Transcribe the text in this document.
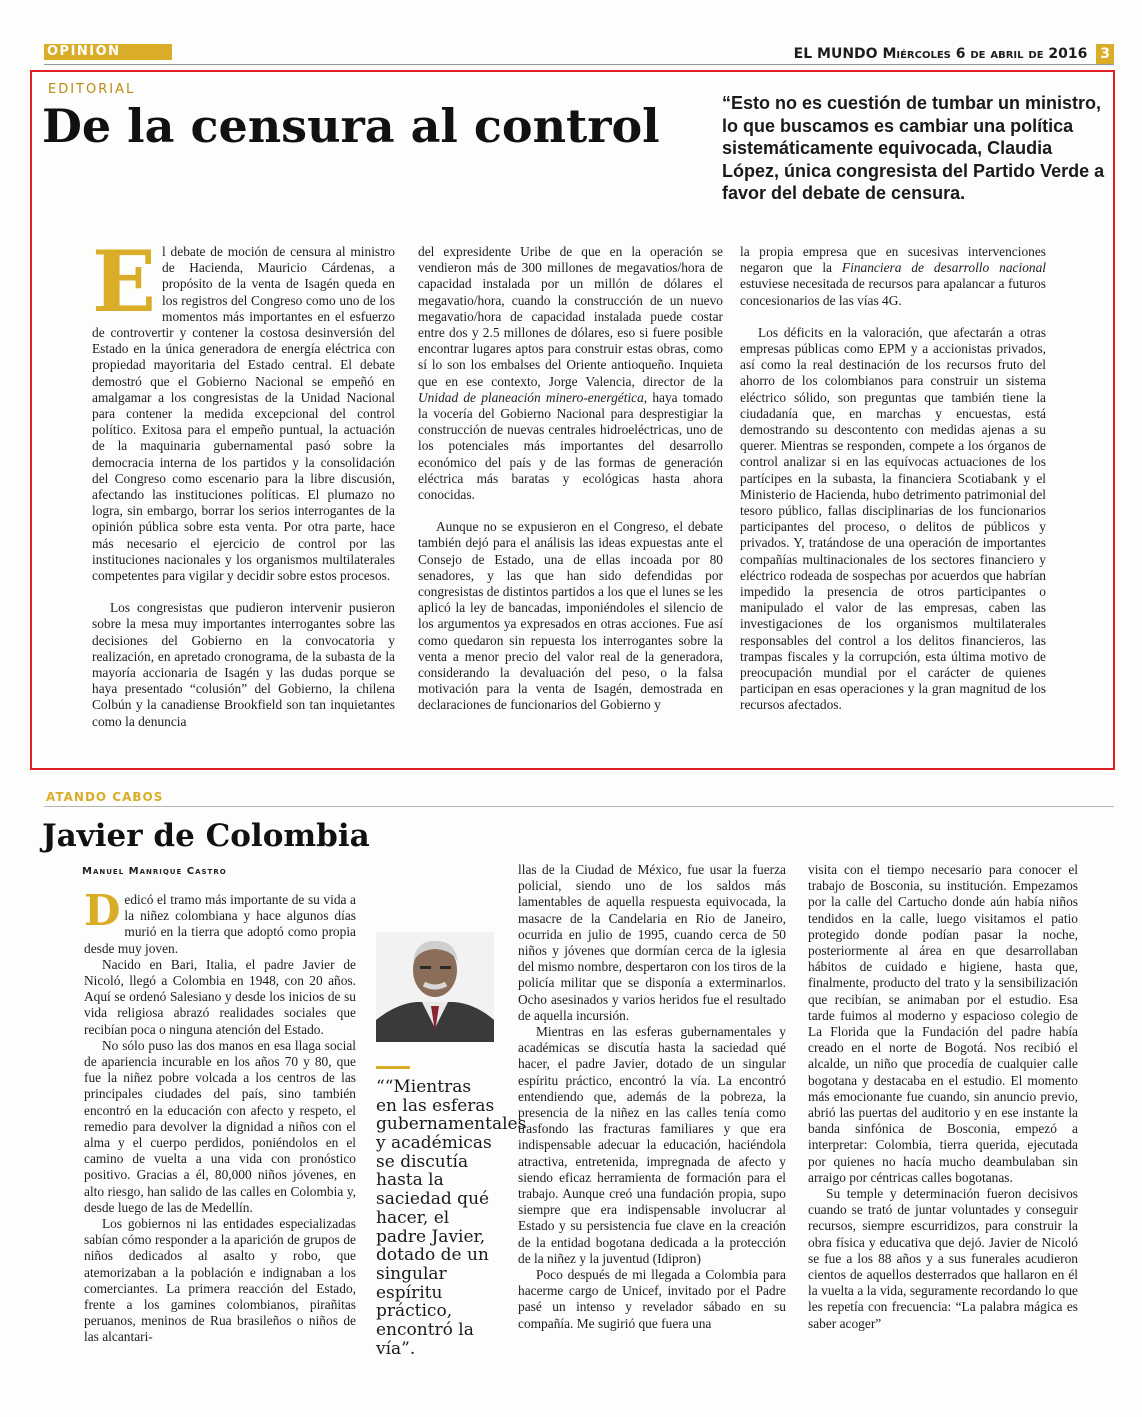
OPINIÓN	EL MUNDO Miércoles 6 de abril de 2016 3
EDITORIAL
De la censura al control	“Esto no es cuestión de tumbar un ministro, lo que buscamos es cambiar una política sistemáticamente equivocada, Claudia López, única congresista del Partido Verde a favor del debate de censura.

El debate de moción de censura al ministro de Hacienda, Mauricio Cárdenas, a propósito de la venta de Isagén queda en los registros del Congreso como uno de los momentos más importantes en el esfuerzo de controvertir y contener la costosa desinversión del Estado en la única generadora de energía eléctrica con propiedad mayoritaria del Estado central. El debate demostró que el Gobierno Nacional se empeñó en amalgamar a los congresistas de la Unidad Nacional para contener la medida excepcional del control político. Exitosa para el empeño puntual, la actuación de la maquinaria gubernamental pasó sobre la democracia interna de los partidos y la consolidación del Congreso como escenario para la libre discusión, afectando las instituciones políticas. El plumazo no logra, sin embargo, borrar los serios interrogantes de la opinión pública sobre esta venta. Por otra parte, hace más necesario el ejercicio de control por las instituciones nacionales y los organismos multilaterales competentes para vigilar y decidir sobre estos procesos.

Los congresistas que pudieron intervenir pusieron sobre la mesa muy importantes interrogantes sobre las decisiones del Gobierno en la convocatoria y realización, en apretado cronograma, de la subasta de la mayoría accionaria de Isagén y las dudas porque se haya presentado “colusión” del Gobierno, la chilena Colbún y la canadiense Brookfield son tan inquietantes como la denuncia

del expresidente Uribe de que en la operación se vendieron más de 300 millones de megavatios/hora de capacidad instalada por un millón de dólares el megavatio/hora, cuando la construcción de un nuevo megavatio/hora de capacidad instalada puede costar entre dos y 2.5 millones de dólares, eso si fuere posible encontrar lugares aptos para construir estas obras, como sí lo son los embalses del Oriente antioqueño. Inquieta que en ese contexto, Jorge Valencia, director de la Unidad de planeación minero-energética, haya tomado la vocería del Gobierno Nacional para desprestigiar la construcción de nuevas centrales hidroeléctricas, uno de los potenciales más importantes del desarrollo económico del país y de las formas de generación eléctrica más baratas y ecológicas hasta ahora conocidas.

Aunque no se expusieron en el Congreso, el debate también dejó para el análisis las ideas expuestas ante el Consejo de Estado, una de ellas incoada por 80 senadores, y las que han sido defendidas por congresistas de distintos partidos a los que el lunes se les aplicó la ley de bancadas, imponiéndoles el silencio de los argumentos ya expresados en otras acciones. Fue así como quedaron sin repuesta los interrogantes sobre la venta a menor precio del valor real de la generadora, considerando la devaluación del peso, o la falsa motivación para la venta de Isagén, demostrada en declaraciones de funcionarios del Gobierno y

la propia empresa que en sucesivas intervenciones negaron que la Financiera de desarrollo nacional estuviese necesitada de recursos para apalancar a futuros concesionarios de las vías 4G.

Los déficits en la valoración, que afectarán a otras empresas públicas como EPM y a accionistas privados, así como la real destinación de los recursos fruto del ahorro de los colombianos para construir un sistema eléctrico sólido, son preguntas que también tiene la ciudadanía que, en marchas y encuestas, está demostrando su descontento con medidas ajenas a su querer. Mientras se responden, compete a los órganos de control analizar si en las equívocas actuaciones de los partícipes en la subasta, la financiera Scotiabank y el Ministerio de Hacienda, hubo detrimento patrimonial del tesoro público, fallas disciplinarias de los funcionarios participantes del proceso, o delitos de públicos y privados. Y, tratándose de una operación de importantes compañías multinacionales de los sectores financiero y eléctrico rodeada de sospechas por acuerdos que habrían impedido la presencia de otros participantes o manipulado el valor de las empresas, caben las investigaciones de los organismos multilaterales responsables del control a los delitos financieros, las trampas fiscales y la corrupción, esta última motivo de preocupación mundial por el carácter de quienes participan en esas operaciones y la gran magnitud de los recursos afectados.

ATANDO CABOS
Javier de Colombia
Manuel Manrique Castro

Dedicó el tramo más importante de su vida a la niñez colombiana y hace algunos días murió en la tierra que adoptó como propia desde muy joven.

Nacido en Bari, Italia, el padre Javier de Nicoló, llegó a Colombia en 1948, con 20 años. Aquí se ordenó Salesiano y desde los inicios de su vida religiosa abrazó realidades sociales que recibían poca o ninguna atención del Estado.

No sólo puso las dos manos en esa llaga social de apariencia incurable en los años 70 y 80, que fue la niñez pobre volcada a los centros de las principales ciudades del país, sino también encontró en la educación con afecto y respeto, el remedio para devolver la dignidad a niños con el alma y el cuerpo perdidos, poniéndolos en el camino de vuelta a una vida con pronóstico positivo. Gracias a él, 80,000 niños jóvenes, en alto riesgo, han salido de las calles en Colombia y, desde luego de las de Medellín.

Los gobiernos ni las entidades especializadas sabían cómo responder a la aparición de grupos de niños dedicados al asalto y robo, que atemorizaban a la población e indignaban a los comerciantes. La primera reacción del Estado, frente a los gamines colombianos, pirañitas peruanos, meninos de Rua brasileños o niños de las alcantari-

““Mientras en las esferas gubernamentales y académicas se discutía hasta la saciedad qué hacer, el padre Javier, dotado de un singular espíritu práctico, encontró la vía”.

llas de la Ciudad de México, fue usar la fuerza policial, siendo uno de los saldos más lamentables de aquella respuesta equivocada, la masacre de la Candelaria en Rio de Janeiro, ocurrida en julio de 1995, cuando cerca de 50 niños y jóvenes que dormían cerca de la iglesia del mismo nombre, despertaron con los tiros de la policía militar que se disponía a exterminarlos. Ocho asesinados y varios heridos fue el resultado de aquella incursión.

Mientras en las esferas gubernamentales y académicas se discutía hasta la saciedad qué hacer, el padre Javier, dotado de un singular espíritu práctico, encontró la vía. La encontró entendiendo que, además de la pobreza, la presencia de la niñez en las calles tenía como trasfondo las fracturas familiares y que era indispensable adecuar la educación, haciéndola atractiva, entretenida, impregnada de afecto y siendo eficaz herramienta de formación para el trabajo. Aunque creó una fundación propia, supo siempre que era indispensable involucrar al Estado y su persistencia fue clave en la creación de la entidad bogotana dedicada a la protección de la niñez y la juventud (Idipron)

Poco después de mi llegada a Colombia para hacerme cargo de Unicef, invitado por el Padre pasé un intenso y revelador sábado en su compañía. Me sugirió que fuera una

visita con el tiempo necesario para conocer el trabajo de Bosconia, su institución. Empezamos por la calle del Cartucho donde aún había niños tendidos en la calle, luego visitamos el patio protegido donde podían pasar la noche, posteriormente al área en que desarrollaban hábitos de cuidado e higiene, hasta que, finalmente, producto del trato y la sensibilización que recibían, se animaban por el estudio. Esa tarde fuimos al moderno y espacioso colegio de La Florida que la Fundación del padre había creado en el norte de Bogotá. Nos recibió el alcalde, un niño que procedía de cualquier calle bogotana y destacaba en el estudio. El momento más emocionante fue cuando, sin anuncio previo, abrió las puertas del auditorio y en ese instante la banda sinfónica de Bosconia, empezó a interpretar: Colombia, tierra querida, ejecutada por quienes no hacía mucho deambulaban sin arraigo por céntricas calles bogotanas.

Su temple y determinación fueron decisivos cuando se trató de juntar voluntades y conseguir recursos, siempre escurridizos, para construir la obra física y educativa que dejó. Javier de Nicoló se fue a los 88 años y a sus funerales acudieron cientos de aquellos desterrados que hallaron en él la vuelta a la vida, seguramente recordando lo que les repetía con frecuencia: “La palabra mágica es saber acoger”
